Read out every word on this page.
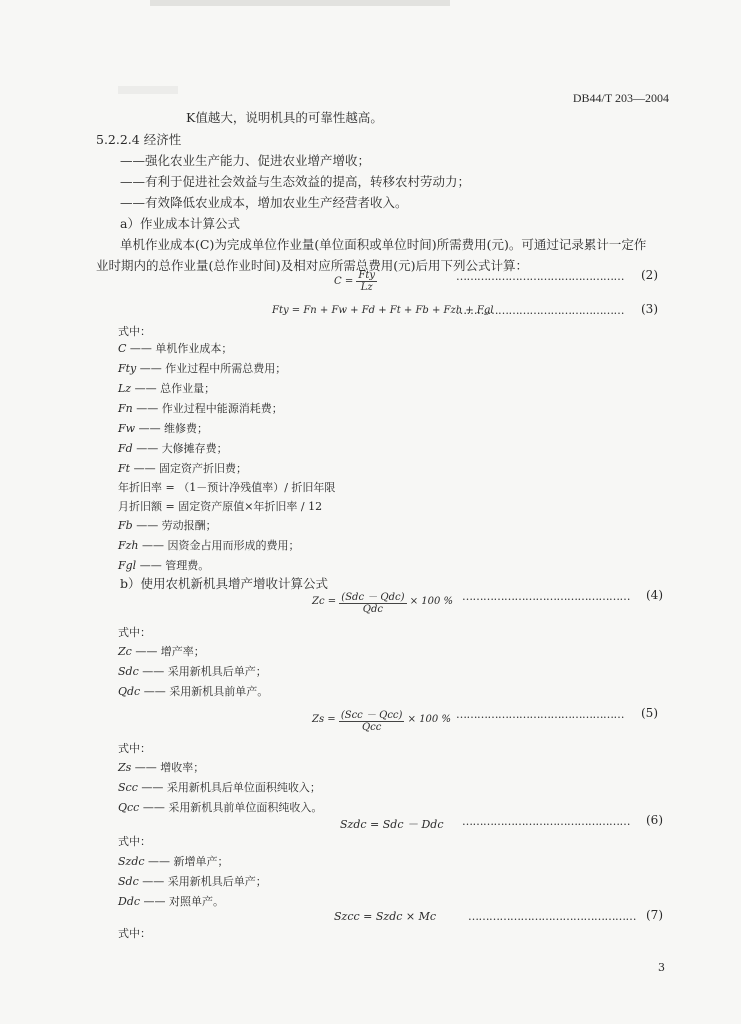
DB44/T 203—2004
K值越大，说明机具的可靠性越高。
5.2.2.4 经济性
——强化农业生产能力、促进农业增产增收；
——有利于促进社会效益与生态效益的提高，转移农村劳动力；
——有效降低农业成本，增加农业生产经营者收入。
a）作业成本计算公式
单机作业成本(C)为完成单位作业量(单位面积或单位时间)所需费用(元)。可通过记录累计一定作
业时期内的总作业量(总作业时间)及相对应所需总费用(元)后用下列公式计算：
$C = \frac{\text{Fty}}{Lz}$	………………………………………… (2)
Fty = Fn + Fw + Fd + Ft + Fb + Fzh + Fgl
………………………………………… (3)
式中：
C —— 单机作业成本；
Fty —— 作业过程中所需总费用；
Lz —— 总作业量；
Fn —— 作业过程中能源消耗费；
Fw —— 维修费；
Fd —— 大修摊存费；
Ft —— 固定资产折旧费；
年折旧率 = （1－预计净残值率）/ 折旧年限
月折旧额 = 固定资产原值×年折旧率 / 12
Fb —— 劳动报酬；
Fzh —— 因资金占用而形成的费用；
Fgl —— 管理费。
b）使用农机新机具增产增收计算公式
$Zc = \frac{\text{(Sdc － Qdc)}}{\text{Qdc}} \times 100$ % ………………………………………… (4)
式中：
Zc —— 增产率；
Sdc —— 采用新机具后单产；
Qdc —— 采用新机具前单产。
$Zs = \frac{\text{(Scc － Qcc)}}{\text{Qcc}} \times 100$ % ………………………………………… (5)
式中：
Zs —— 增收率；
Scc —— 采用新机具后单位面积纯收入；
Qcc —— 采用新机具前单位面积纯收入。
Szdc = Sdc － Ddc ………………………………………… (6)
式中：
Szdc —— 新增单产；
Sdc —— 采用新机具后单产；
Ddc —— 对照单产。
Szcc = Szdc × Mc	………………………………………… (7)
式中：
3
